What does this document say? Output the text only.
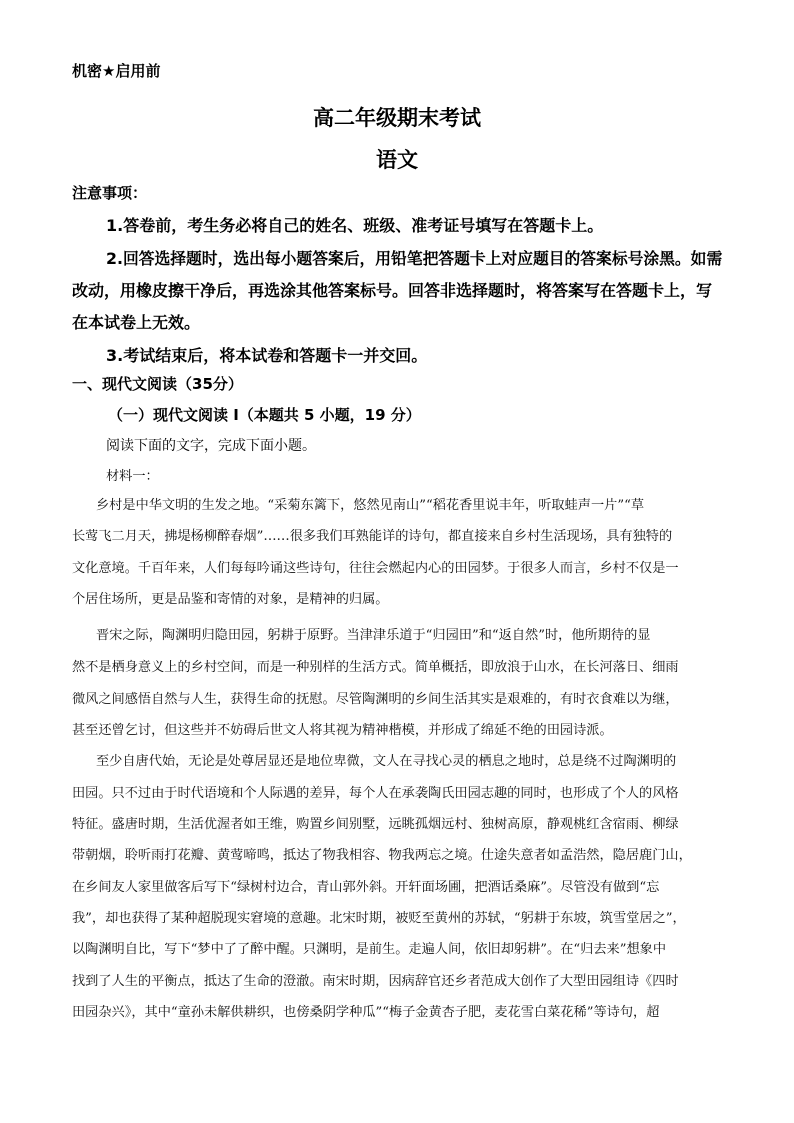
机密★启用前
高二年级期末考试
语文
注意事项：
1.答卷前，考生务必将自己的姓名、班级、准考证号填写在答题卡上。
2.回答选择题时，选出每小题答案后，用铅笔把答题卡上对应题目的答案标号涂黑。如需
改动，用橡皮擦干净后，再选涂其他答案标号。回答非选择题时，将答案写在答题卡上，写
在本试卷上无效。
3.考试结束后，将本试卷和答题卡一并交回。
一、现代文阅读（35分）
（一）现代文阅读 I（本题共 5 小题，19 分）
阅读下面的文字，完成下面小题。
材料一：
乡村是中华文明的生发之地。“采菊东篱下，悠然见南山”“稻花香里说丰年，听取蛙声一片”“草
长莺飞二月天，拂堤杨柳醉春烟”……很多我们耳熟能详的诗句，都直接来自乡村生活现场，具有独特的
文化意境。千百年来，人们每每吟诵这些诗句，往往会燃起内心的田园梦。于很多人而言，乡村不仅是一
个居住场所，更是品鉴和寄情的对象，是精神的归属。
晋宋之际，陶渊明归隐田园，躬耕于原野。当津津乐道于“归园田”和“返自然”时，他所期待的显
然不是栖身意义上的乡村空间，而是一种别样的生活方式。简单概括，即放浪于山水，在长河落日、细雨
微风之间感悟自然与人生，获得生命的抚慰。尽管陶渊明的乡间生活其实是艰难的，有时衣食难以为继，
甚至还曾乞讨，但这些并不妨碍后世文人将其视为精神楷模，并形成了绵延不绝的田园诗派。
至少自唐代始，无论是处尊居显还是地位卑微，文人在寻找心灵的栖息之地时，总是绕不过陶渊明的
田园。只不过由于时代语境和个人际遇的差异，每个人在承袭陶氏田园志趣的同时，也形成了个人的风格
特征。盛唐时期，生活优渥者如王维，购置乡间别墅，远眺孤烟远村、独树高原，静观桃红含宿雨、柳绿
带朝烟，聆听雨打花瓣、黄莺啼鸣，抵达了物我相容、物我两忘之境。仕途失意者如孟浩然，隐居鹿门山，
在乡间友人家里做客后写下“绿树村边合，青山郭外斜。开轩面场圃，把酒话桑麻”。尽管没有做到“忘
我”，却也获得了某种超脱现实窘境的意趣。北宋时期，被贬至黄州的苏轼，“躬耕于东坡，筑雪堂居之”，
以陶渊明自比，写下“梦中了了醉中醒。只渊明，是前生。走遍人间，依旧却躬耕”。在“归去来”想象中
找到了人生的平衡点，抵达了生命的澄澈。南宋时期，因病辞官还乡者范成大创作了大型田园组诗《四时
田园杂兴》，其中“童孙未解供耕织，也傍桑阴学种瓜”“梅子金黄杏子肥，麦花雪白菜花稀”等诗句，超
